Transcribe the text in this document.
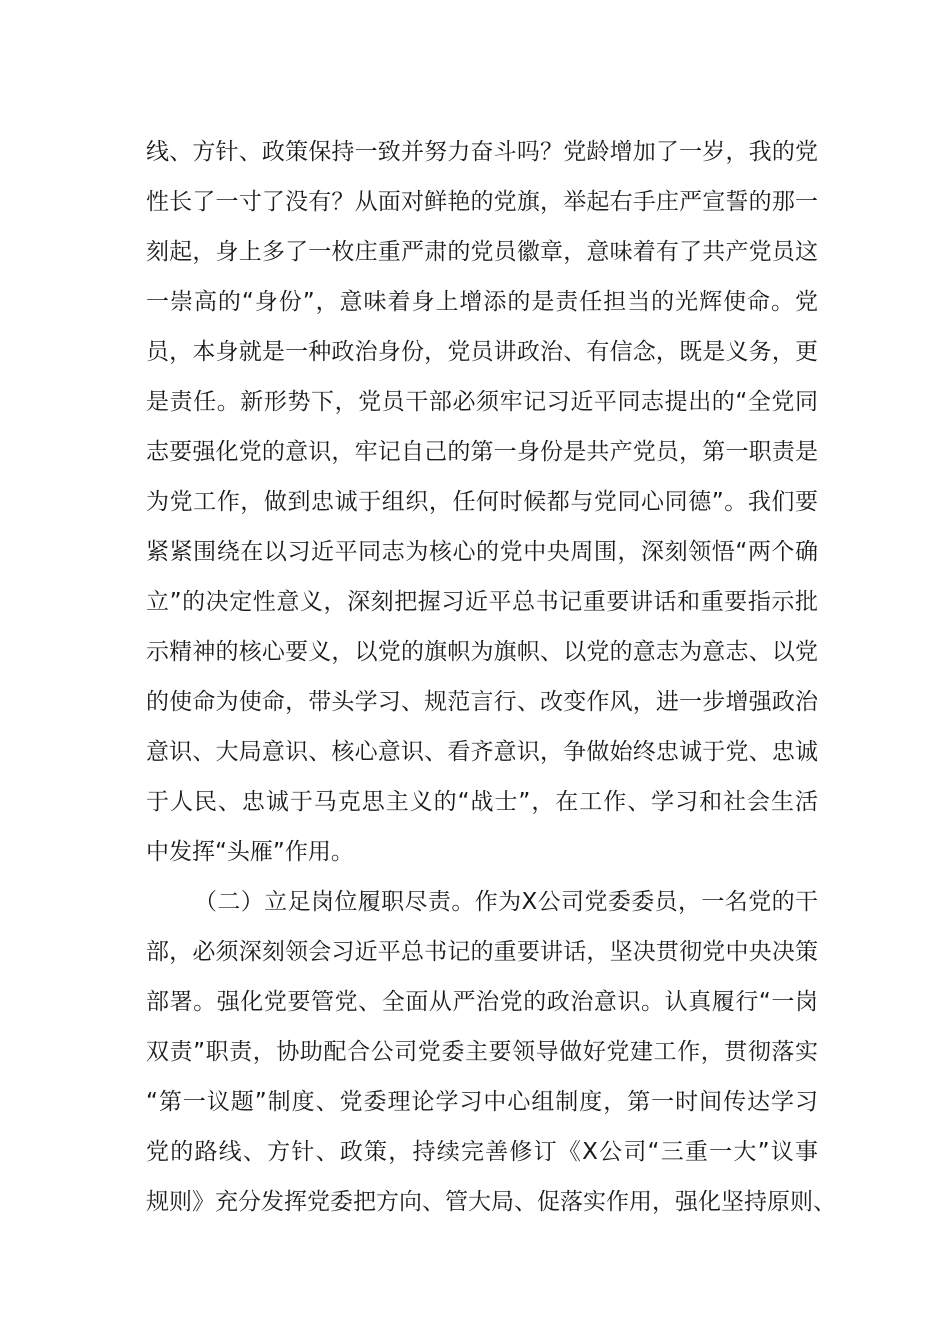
线、方针、政策保持一致并努力奋斗吗？党龄增加了一岁，我的党
性长了一寸了没有？从面对鲜艳的党旗，举起右手庄严宣誓的那一
刻起，身上多了一枚庄重严肃的党员徽章，意味着有了共产党员这
一崇高的“身份”，意味着身上增添的是责任担当的光辉使命。党
员，本身就是一种政治身份，党员讲政治、有信念，既是义务，更
是责任。新形势下，党员干部必须牢记习近平同志提出的“全党同
志要强化党的意识，牢记自己的第一身份是共产党员，第一职责是
为党工作，做到忠诚于组织，任何时候都与党同心同德”。我们要
紧紧围绕在以习近平同志为核心的党中央周围，深刻领悟“两个确
立”的决定性意义，深刻把握习近平总书记重要讲话和重要指示批
示精神的核心要义，以党的旗帜为旗帜、以党的意志为意志、以党
的使命为使命，带头学习、规范言行、改变作风，进一步增强政治
意识、大局意识、核心意识、看齐意识，争做始终忠诚于党、忠诚
于人民、忠诚于马克思主义的“战士”，在工作、学习和社会生活
中发挥“头雁”作用。
（二）立足岗位履职尽责。作为X公司党委委员，一名党的干
部，必须深刻领会习近平总书记的重要讲话，坚决贯彻党中央决策
部署。强化党要管党、全面从严治党的政治意识。认真履行“一岗
双责”职责，协助配合公司党委主要领导做好党建工作，贯彻落实
“第一议题”制度、党委理论学习中心组制度，第一时间传达学习
党的路线、方针、政策，持续完善修订《X公司“三重一大”议事
规则》充分发挥党委把方向、管大局、促落实作用，强化坚持原则、
